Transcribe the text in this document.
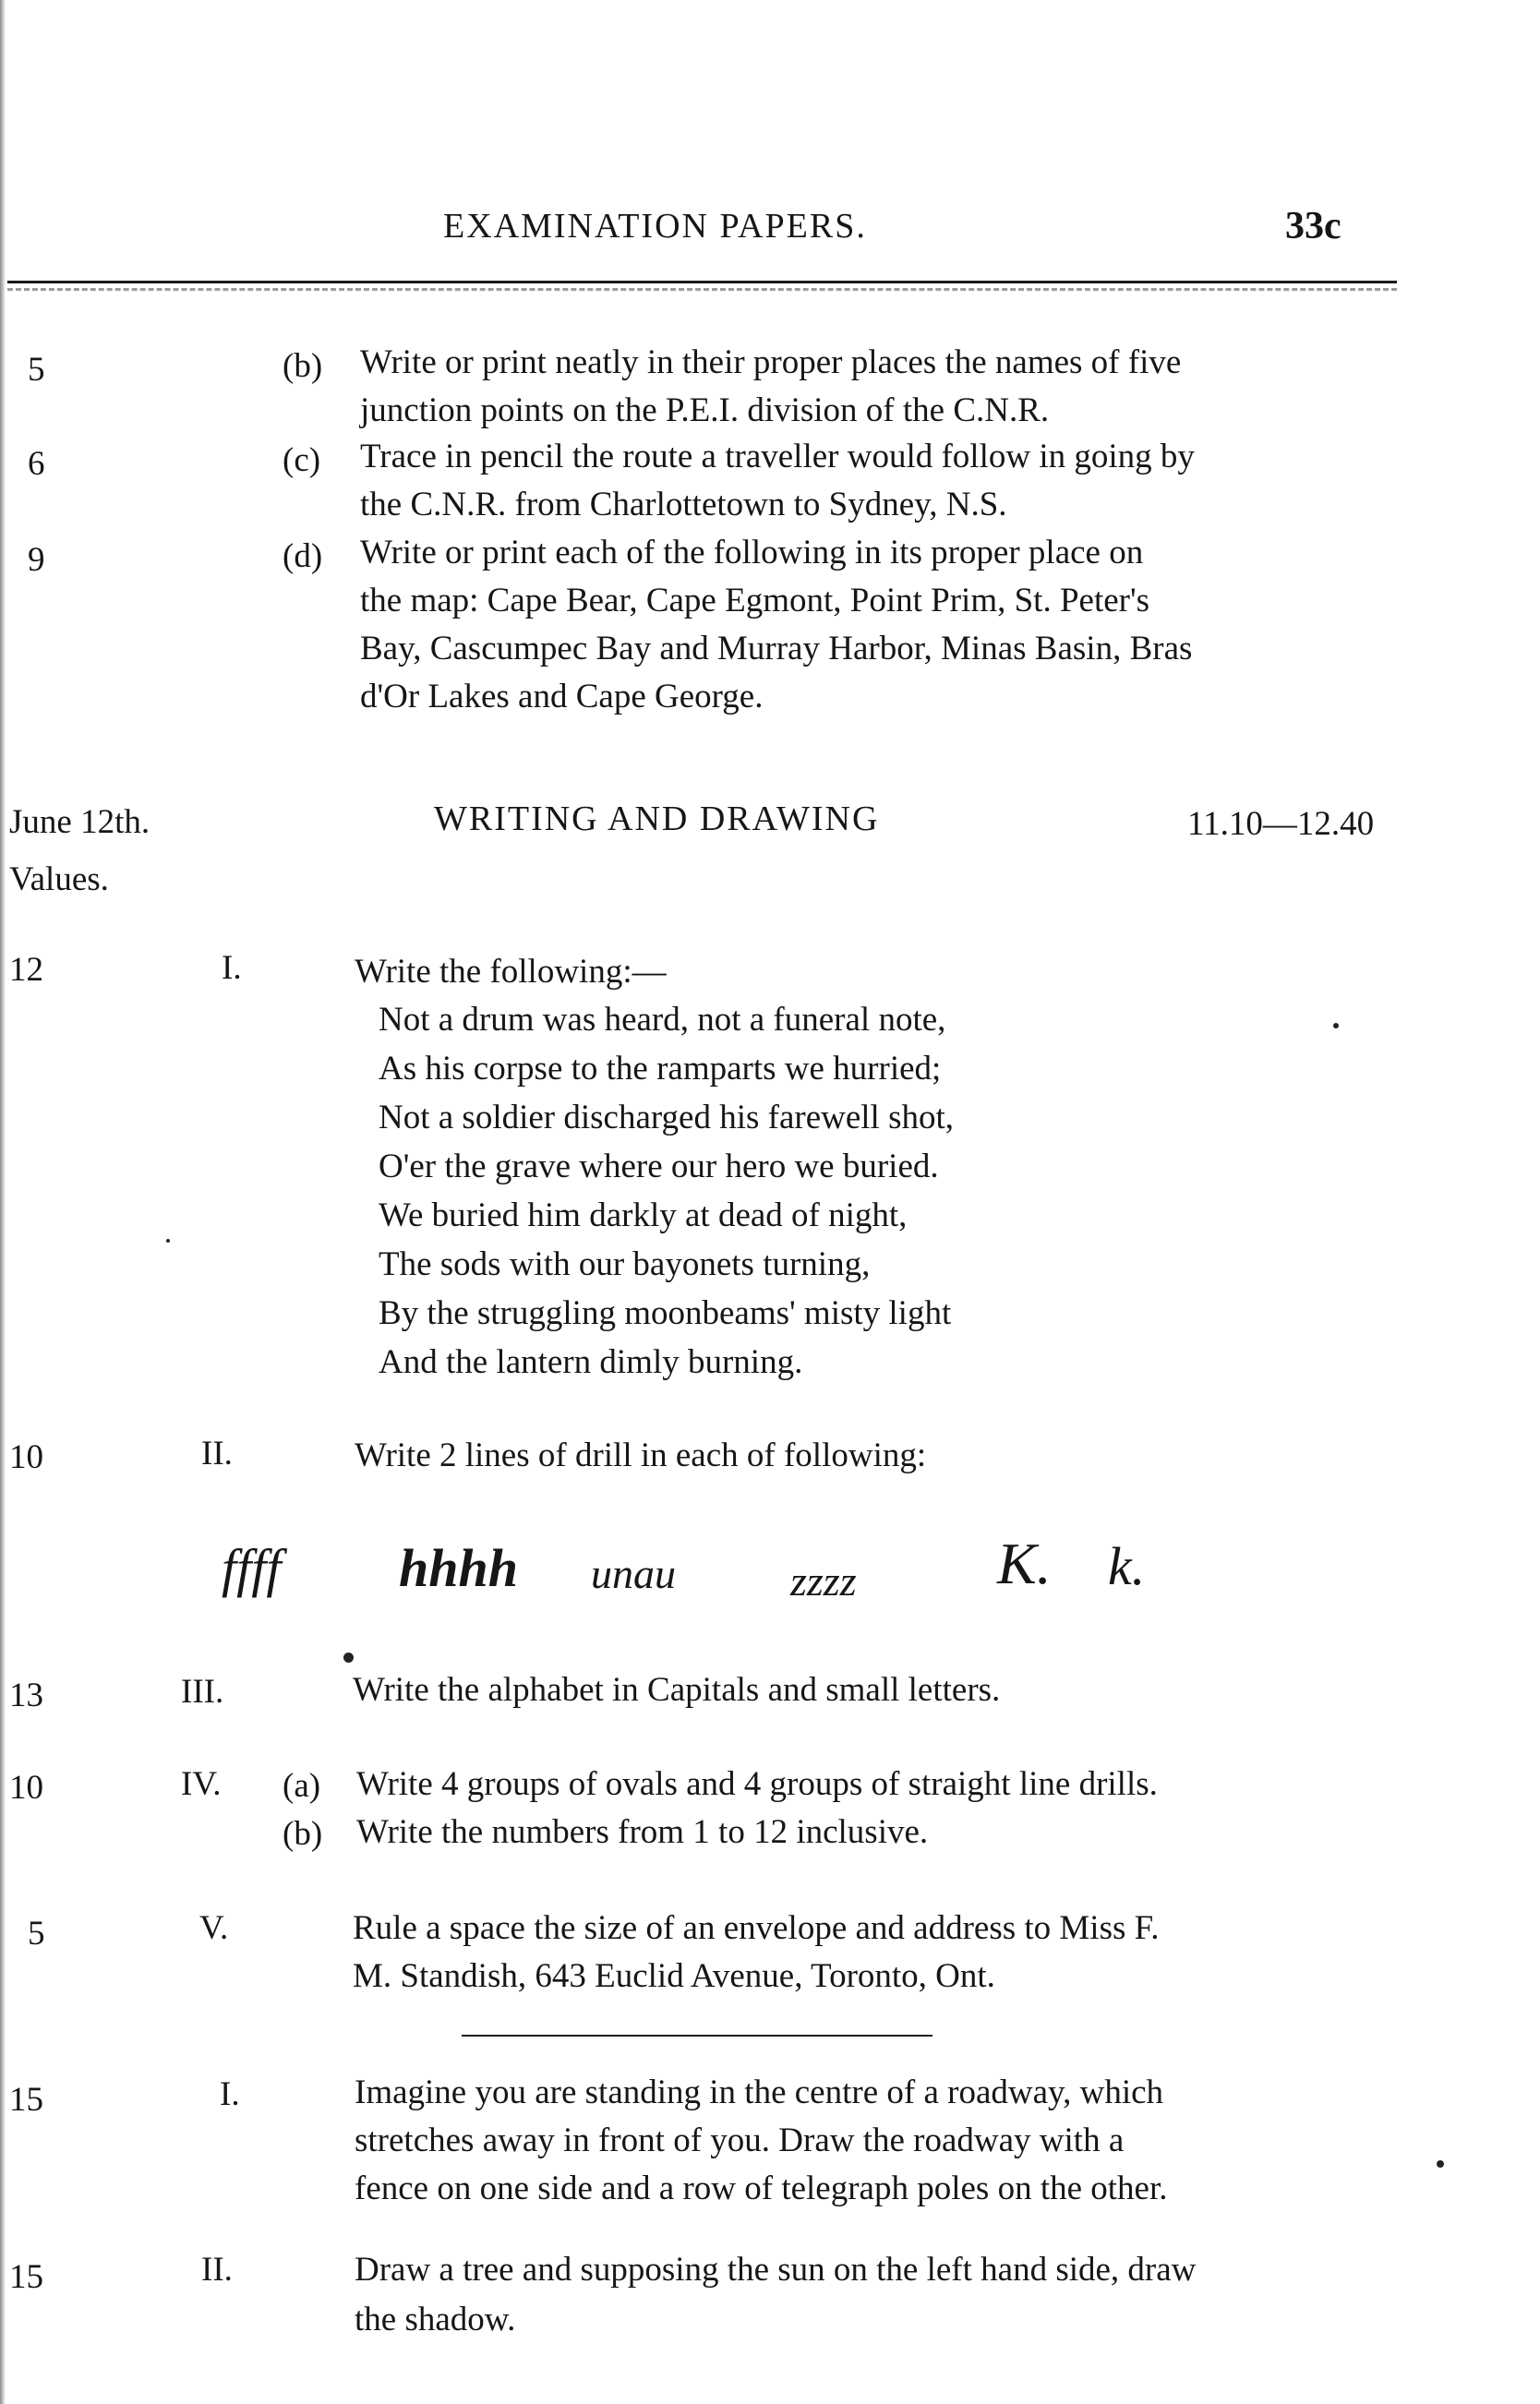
EXAMINATION PAPERS.	33c
5	(b) Write or print neatly in their proper places the names of five
junction points on the P.E.I. division of the C.N.R.
6	(c) Trace in pencil the route a traveller would follow in going by
the C.N.R. from Charlottetown to Sydney, N.S.
9	(d) Write or print each of the following in its proper place on
the map: Cape Bear, Cape Egmont, Point Prim, St. Peter's
Bay, Cascumpec Bay and Murray Harbor, Minas Basin, Bras
d'Or Lakes and Cape George.
June 12th.
Values.
WRITING AND DRAWING	11.10—12.40
12	I.	Write the following:—
Not a drum was heard, not a funeral note,
As his corpse to the ramparts we hurried;
Not a soldier discharged his farewell shot,
O'er the grave where our hero we buried.
We buried him darkly at dead of night,
The sods with our bayonets turning,
By the struggling moonbeams' misty light
And the lantern dimly burning.
10	II.	Write 2 lines of drill in each of following:
ffff hhhh unau	zzzz K. k.
13	III.	Write the alphabet in Capitals and small letters.
10	IV. (a) Write 4 groups of ovals and 4 groups of straight line drills.
(b) Write the numbers from 1 to 12 inclusive.
5	V.	Rule a space the size of an envelope and address to Miss F.
M. Standish, 643 Euclid Avenue, Toronto, Ont.
15	I.	Imagine you are standing in the centre of a roadway, which
stretches away in front of you. Draw the roadway with a
fence on one side and a row of telegraph poles on the other.
15	II.	Draw a tree and supposing the sun on the left hand side, draw
the shadow.
